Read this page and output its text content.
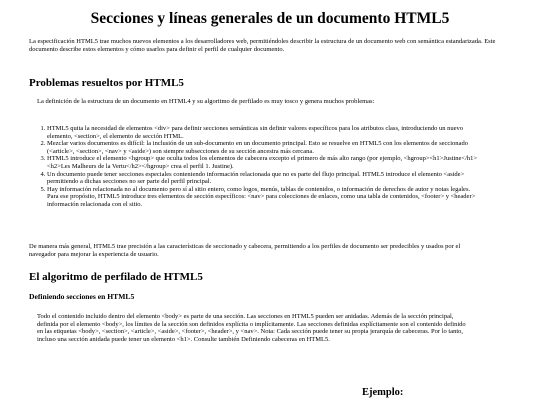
Secciones y líneas generales de un documento HTML5

La especificación HTML5 trae muchos nuevos elementos a los desarrolladores web, permitiéndoles describir la estructura de un documento web con semántica estandarizada. Este documento describe estos elementos y cómo usarlos para definir el perfil de cualquier documento.

Problemas resueltos por HTML5

La definición de la estructura de un documento en HTML4 y su algoritmo de perfilado es muy tosco y genera muchos problemas:

1. HTML5 quita la necesidad de elementos <div> para definir secciones semánticas sin definir valores específicos para los atributos class, introduciendo un nuevo elemento, <section>, el elemento de sección HTML.
2. Mezclar varios documentos es difícil: la inclusión de un sub-documento en un documento principal. Esto se resuelve en HTML5 con los elementos de seccionado (<article>, <section>, <nav> y <aside>) son siempre subsecciones de su sección ancestra más cercana.
3. HTML5 introduce el elemento <hgroup> que oculta todos los elementos de cabecera excepto el primero de más alto rango (por ejemplo, <hgroup><h1>Justine</h1><h2>Les Malheurs de la Vertu</h2></hgroup> crea el perfil 1. Justine).
4. Un documento puede tener secciones especiales conteniendo información relacionada que no es parte del flujo principal. HTML5 introduce el elemento <aside> permitiendo a dichas secciones no ser parte del perfil principal.
5. Hay información relacionada no al documento pero sí al sitio entero, como logos, menús, tablas de contenidos, o información de derechos de autor y notas legales. Para ese propósito, HTML5 introduce tres elementos de sección específicos: <nav> para colecciones de enlaces, como una tabla de contenidos, <footer> y <header> información relacionada con el sitio.

De manera más general, HTML5 trae precisión a las características de seccionado y cabecera, permitiendo a los perfiles de documento ser predecibles y usados por el navegador para mejorar la experiencia de usuario.

El algoritmo de perfilado de HTML5
Definiendo secciones en HTML5

Todo el contenido incluido dentro del elemento <body> es parte de una sección. Las secciones en HTML5 pueden ser anidadas. Además de la sección principal, definida por el elemento <body>, los límites de la sección son definidos explícita o implícitamente. Las secciones definidas explícitamente son el contenido definido en las etiquetas <body>, <section>, <article>, <aside>, <footer>, <header>, y <nav>. Nota: Cada sección puede tener su propia jerarquía de cabeceras. Por lo tanto, incluso una sección anidada puede tener un elemento <h1>. Consulte también Definiendo cabeceras en HTML5.

Ejemplo:
